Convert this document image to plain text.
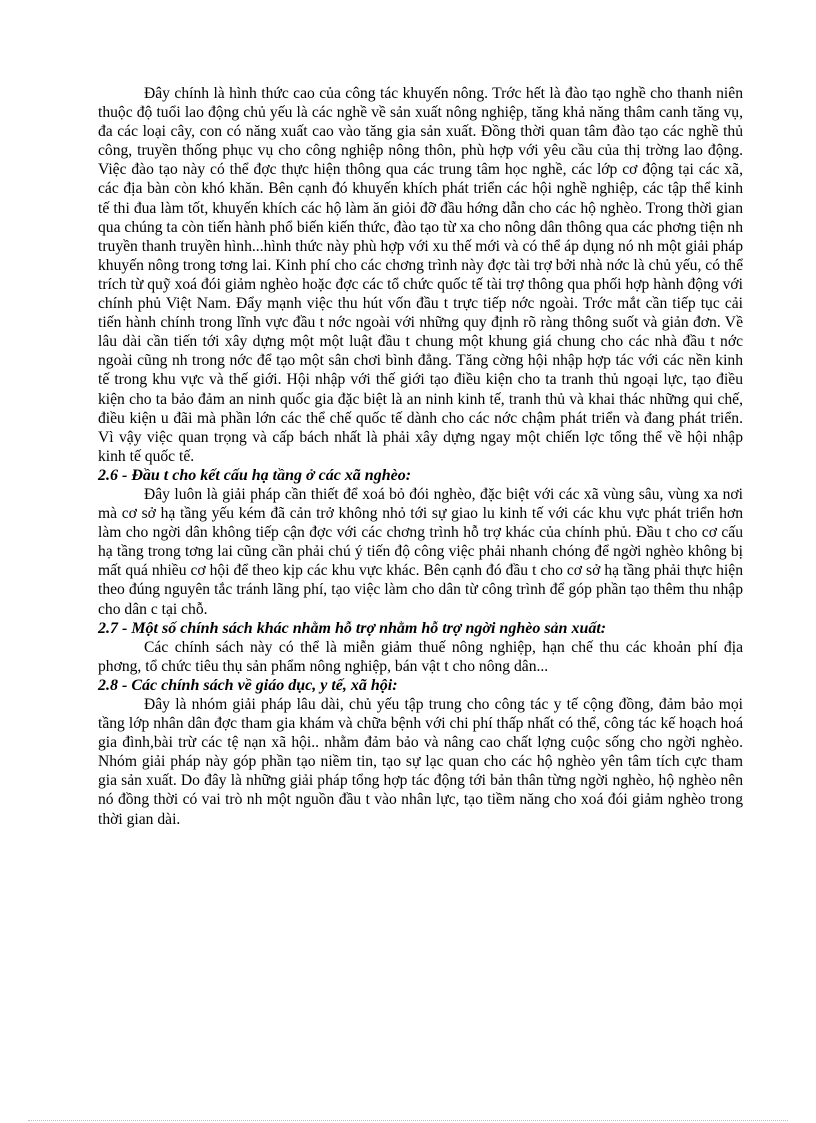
Đây chính là hình thức cao của công tác khuyến nông. Trớc hết là đào tạo nghề cho thanh niên thuộc độ tuổi lao động chủ yếu là các nghề về sản xuất nông nghiệp, tăng khả năng thâm canh tăng vụ, đa các loại cây, con có năng xuất cao vào tăng gia sản xuất. Đồng thời quan tâm đào tạo các nghề thủ công, truyền thống phục vụ cho công nghiệp nông thôn, phù hợp với yêu cầu của thị trờng lao động. Việc đào tạo này có thể đợc thực hiện thông qua các trung tâm học nghề, các lớp cơ động tại các xã, các địa bàn còn khó khăn. Bên cạnh đó khuyến khích phát triển các hội nghề nghiệp, các tập thể kinh tế thi đua làm tốt, khuyến khích các hộ làm ăn giỏi đỡ đầu hớng dẫn cho các hộ nghèo. Trong thời gian qua chúng ta còn tiến hành phổ biến kiến thức, đào tạo từ xa cho nông dân thông qua các phơng tiện nh truyền thanh truyền hình...hình thức này phù hợp với xu thế mới và có thể áp dụng nó nh một giải pháp khuyến nông trong tơng lai. Kinh phí cho các chơng trình này đợc tài trợ bởi nhà nớc là chủ yếu, có thể trích từ quỹ xoá đói giảm nghèo hoặc đợc các tổ chức quốc tế tài trợ thông qua phối hợp hành động với chính phủ Việt Nam. Đẩy mạnh việc thu hút vốn đầu t trực tiếp nớc ngoài. Trớc mắt cần tiếp tục cải tiến hành chính trong lĩnh vực đầu t nớc ngoài với những quy định rõ ràng thông suốt và giản đơn. Về lâu dài cần tiến tới xây dựng một một luật đầu t chung một khung giá chung cho các nhà đầu t nớc ngoài cũng nh trong nớc để tạo một sân chơi bình đẳng. Tăng cờng hội nhập hợp tác với các nền kinh tế trong khu vực và thế giới. Hội nhập với thế giới tạo điều kiện cho ta tranh thủ ngoại lực, tạo điều kiện cho ta bảo đảm an ninh quốc gia đặc biệt là an ninh kinh tế, tranh thủ và khai thác những qui chế, điều kiện u đãi mà phần lớn các thể chế quốc tế dành cho các nớc chậm phát triển và đang phát triển. Vì vậy việc quan trọng và cấp bách nhất là phải xây dựng ngay một chiến lợc tổng thể về hội nhập kinh tế quốc tế.

2.6 - Đầu t cho kết cấu hạ tầng ở các xã nghèo:

Đây luôn là giải pháp cần thiết để xoá bỏ đói nghèo, đặc biệt với các xã vùng sâu, vùng xa nơi mà cơ sở hạ tầng yếu kém đã cản trở không nhỏ tới sự giao lu kinh tế với các khu vực phát triển hơn làm cho ngời dân không tiếp cận đợc với các chơng trình hỗ trợ khác của chính phủ. Đầu t cho cơ cấu hạ tầng trong tơng lai cũng cần phải chú ý tiến độ công việc phải nhanh chóng để ngời nghèo không bị mất quá nhiều cơ hội để theo kịp các khu vực khác. Bên cạnh đó đầu t cho cơ sở hạ tầng phải thực hiện theo đúng nguyên tắc tránh lãng phí, tạo việc làm cho dân từ công trình để góp phần tạo thêm thu nhập cho dân c tại chỗ.

2.7 - Một số chính sách khác nhằm hỗ trợ nhằm hỗ trợ ngời nghèo sản xuất:

Các chính sách này có thể là miễn giảm thuế nông nghiệp, hạn chế thu các khoản phí địa phơng, tổ chức tiêu thụ sản phẩm nông nghiệp, bán vật t cho nông dân...

2.8 - Các chính sách về giáo dục, y tế, xã hội:

Đây là nhóm giải pháp lâu dài, chủ yếu tập trung cho công tác y tế cộng đồng, đảm bảo mọi tầng lớp nhân dân đợc tham gia khám và chữa bệnh với chi phí thấp nhất có thể, công tác kế hoạch hoá gia đình,bài trừ các tệ nạn xã hội.. nhằm đảm bảo và nâng cao chất lợng cuộc sống cho ngời nghèo. Nhóm giải pháp này góp phần tạo niềm tin, tạo sự lạc quan cho các hộ nghèo yên tâm tích cực tham gia sản xuất. Do đây là những giải pháp tổng hợp tác động tới bản thân từng ngời nghèo, hộ nghèo nên nó đồng thời có vai trò nh một nguồn đầu t vào nhân lực, tạo tiềm năng cho xoá đói giảm nghèo trong thời gian dài.
